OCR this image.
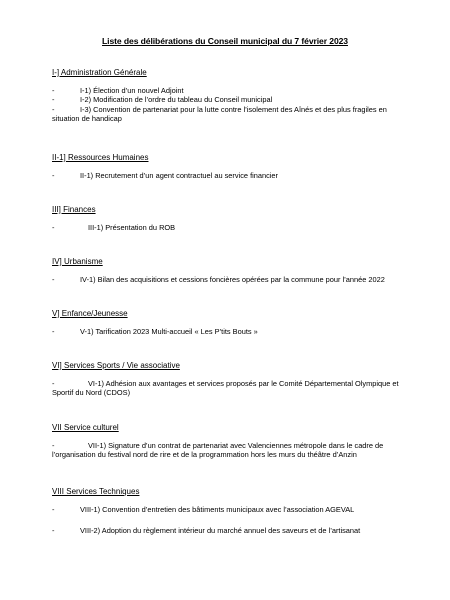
Liste des délibérations du Conseil municipal du 7 février 2023
I-] Administration Générale
-	I-1) Élection d’un nouvel Adjoint
-	I-2) Modification de l’ordre du tableau du Conseil municipal
-	I-3) Convention de partenariat pour la lutte contre l’isolement des Aînés et des plus fragiles en situation de handicap
II-1] Ressources Humaines
-	II-1) Recrutement d’un agent contractuel au service financier
III] Finances
-	III-1) Présentation du ROB
IV] Urbanisme
-	IV-1) Bilan des acquisitions et cessions foncières opérées par la commune pour l’année 2022
V] Enfance/Jeunesse
-	V-1) Tarification 2023 Multi-accueil « Les P’tits Bouts »
VI] Services Sports / Vie associative
-	VI-1) Adhésion aux avantages et services proposés par le Comité Départemental Olympique et Sportif du Nord (CDOS)
VII Service culturel
-	VII-1) Signature d’un contrat de partenariat avec Valenciennes métropole dans le cadre de l’organisation du festival nord de rire et de la programmation hors les murs du théâtre d’Anzin
VIII Services Techniques
-	VIII-1) Convention d’entretien des bâtiments municipaux avec l’association AGEVAL
-	VIII-2) Adoption du règlement intérieur du marché annuel des saveurs et de l’artisanat
